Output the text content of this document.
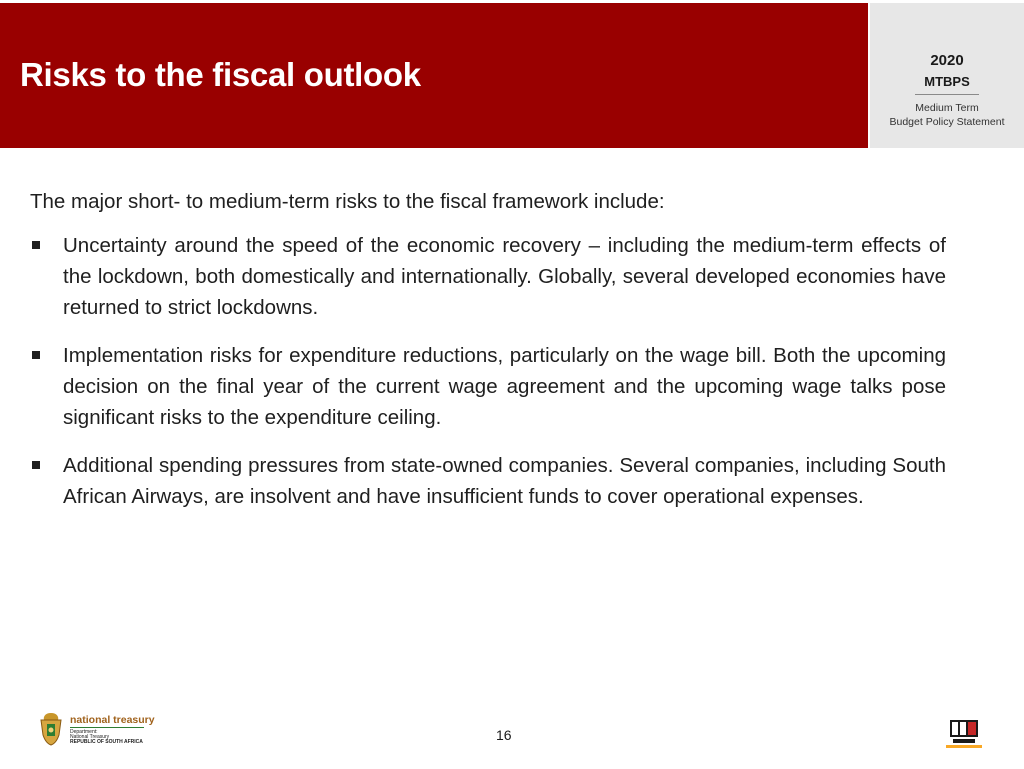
Risks to the fiscal outlook	2020
MTBPS
Medium Term
Budget Policy Statement

The major short- to medium-term risks to the fiscal framework include:

Uncertainty around the speed of the economic recovery – including the medium-term effects of the lockdown, both domestically and internationally. Globally, several developed economies have returned to strict lockdowns.
Implementation risks for expenditure reductions, particularly on the wage bill. Both the upcoming decision on the final year of the current wage agreement and the upcoming wage talks pose significant risks to the expenditure ceiling.
Additional spending pressures from state-owned companies. Several companies, including South African Airways, are insolvent and have insufficient funds to cover operational expenses.
national treasury
Department:
National Treasury
REPUBLIC OF SOUTH AFRICA	16
